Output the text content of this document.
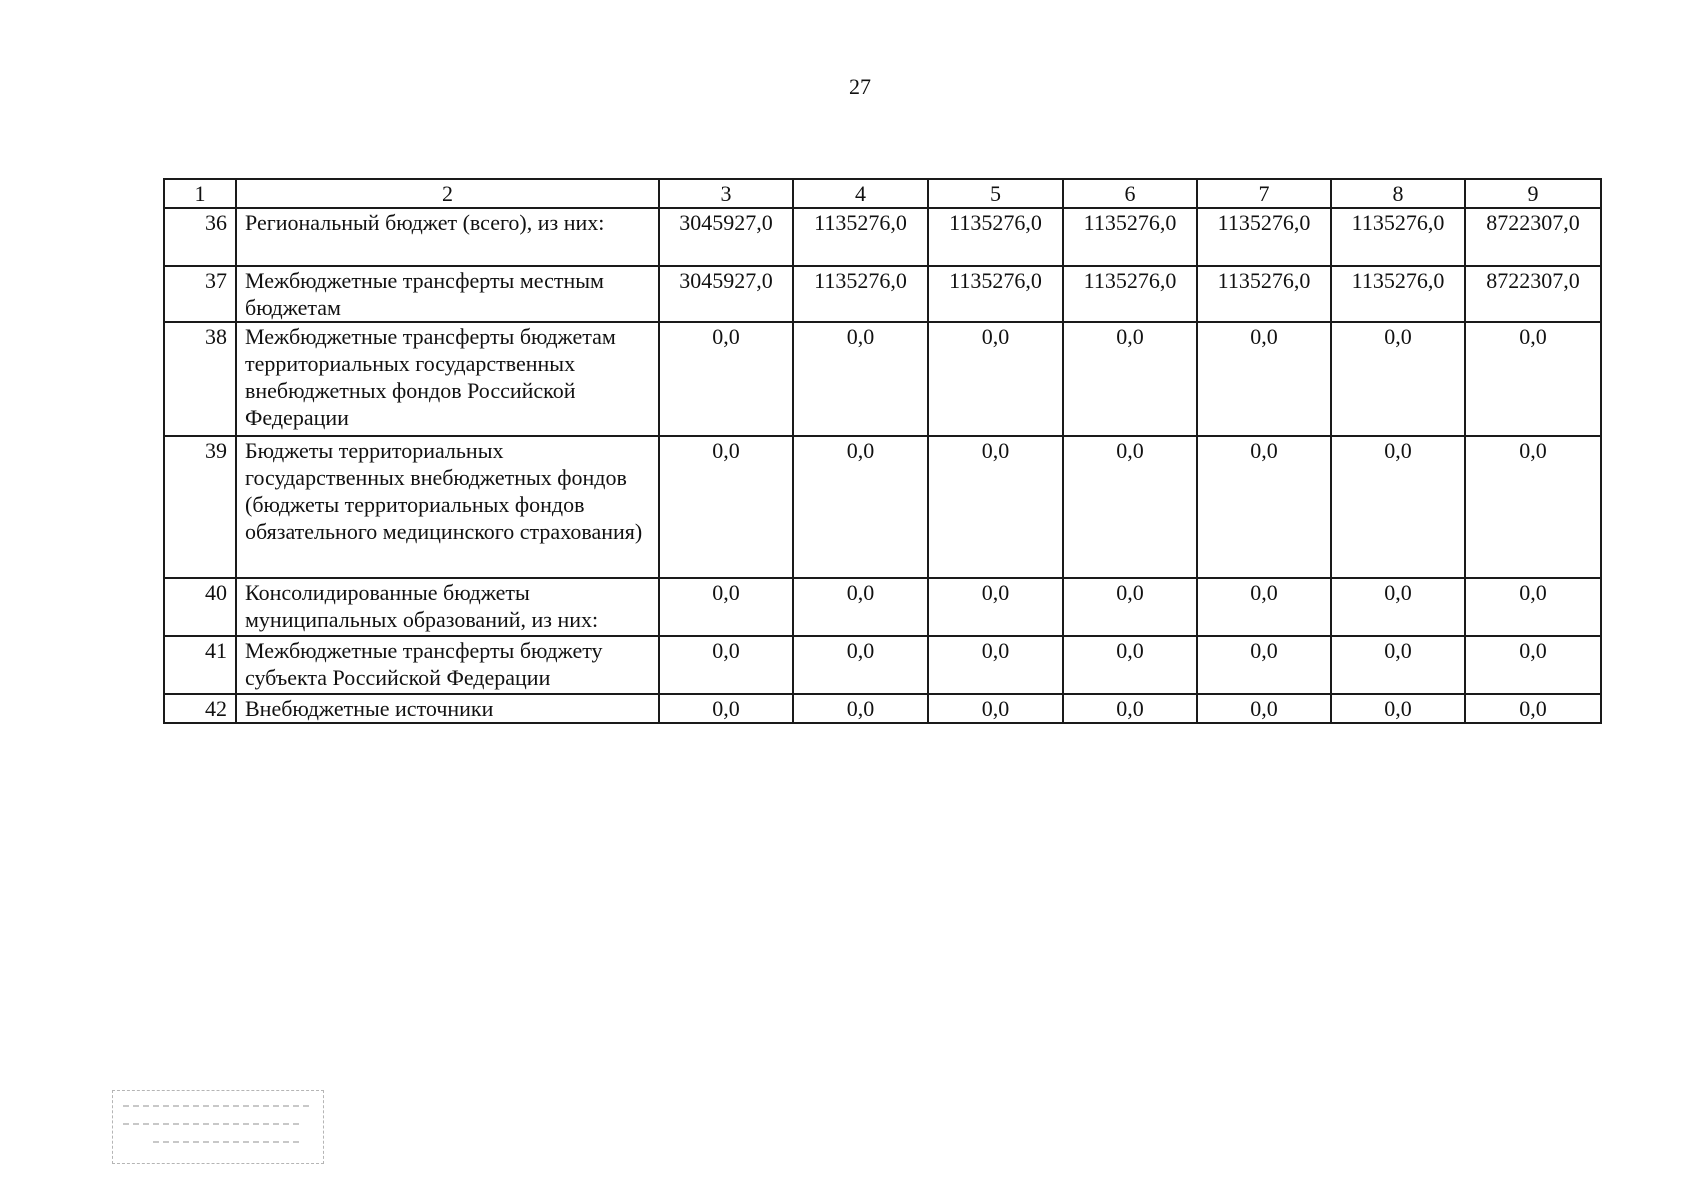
27
1	2	3	4	5	6	7	8	9
36	Региональный бюджет (всего), из них:	3045927,0	1135276,0	1135276,0	1135276,0	1135276,0	1135276,0	8722307,0
37	Межбюджетные трансферты местным бюджетам	3045927,0	1135276,0	1135276,0	1135276,0	1135276,0	1135276,0	8722307,0
38	Межбюджетные трансферты бюджетам территориальных государственных внебюджетных фондов Российской Федерации	0,0	0,0	0,0	0,0	0,0	0,0	0,0
39	Бюджеты территориальных государственных внебюджетных фондов (бюджеты территориальных фондов обязательного медицинского страхования)	0,0	0,0	0,0	0,0	0,0	0,0	0,0
40	Консолидированные бюджеты муниципальных образований, из них:	0,0	0,0	0,0	0,0	0,0	0,0	0,0
41	Межбюджетные трансферты бюджету субъекта Российской Федерации	0,0	0,0	0,0	0,0	0,0	0,0	0,0
42	Внебюджетные источники	0,0	0,0	0,0	0,0	0,0	0,0	0,0
